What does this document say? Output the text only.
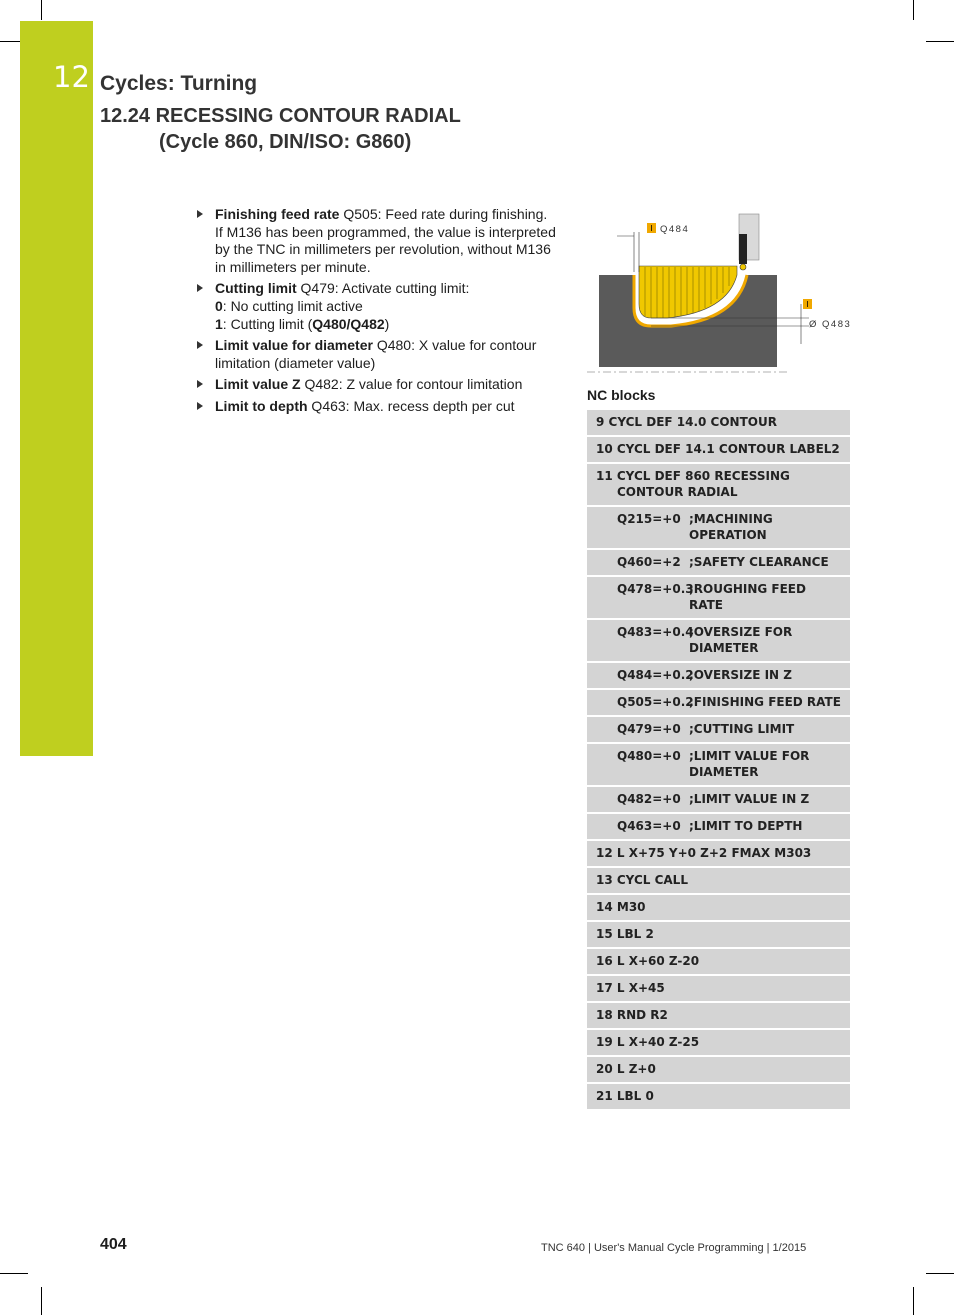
12 Cycles: Turning
12.24 RECESSING CONTOUR RADIAL
(Cycle 860, DIN/ISO: G860)
Finishing feed rate Q505: Feed rate during finishing. If M136 has been programmed, the value is interpreted by the TNC in millimeters per revolution, without M136 in millimeters per minute.
Cutting limit Q479: Activate cutting limit:
0: No cutting limit active
1: Cutting limit (Q480/Q482)
Limit value for diameter Q480: X value for contour limitation (diameter value)
Limit value Z Q482: Z value for contour limitation
Limit to depth Q463: Max. recess depth per cut
I Q484
I
Ø Q483
NC blocks
9 CYCL DEF 14.0 CONTOUR
10 CYCL DEF 14.1 CONTOUR LABEL2
11 CYCL DEF 860 RECESSING
CONTOUR RADIAL
Q215=+0 ;MACHINING OPERATION
Q460=+2 ;SAFETY CLEARANCE
Q478=+0.3
;ROUGHING FEED RATE
Q483=+0.4
;OVERSIZE FOR DIAMETER
Q484=+0.2
;OVERSIZE IN Z
Q505=+0.2
;FINISHING FEED RATE
Q479=+0 ;CUTTING LIMIT
Q480=+0 ;LIMIT VALUE FOR DIAMETER
Q482=+0 ;LIMIT VALUE IN Z
Q463=+0 ;LIMIT TO DEPTH
12 L X+75 Y+0 Z+2 FMAX M303
13 CYCL CALL
14 M30
15 LBL 2
16 L X+60 Z-20
17 L X+45
18 RND R2
19 L X+40 Z-25
20 L Z+0
21 LBL 0
404	TNC 640 | User's Manual Cycle Programming | 1/2015
